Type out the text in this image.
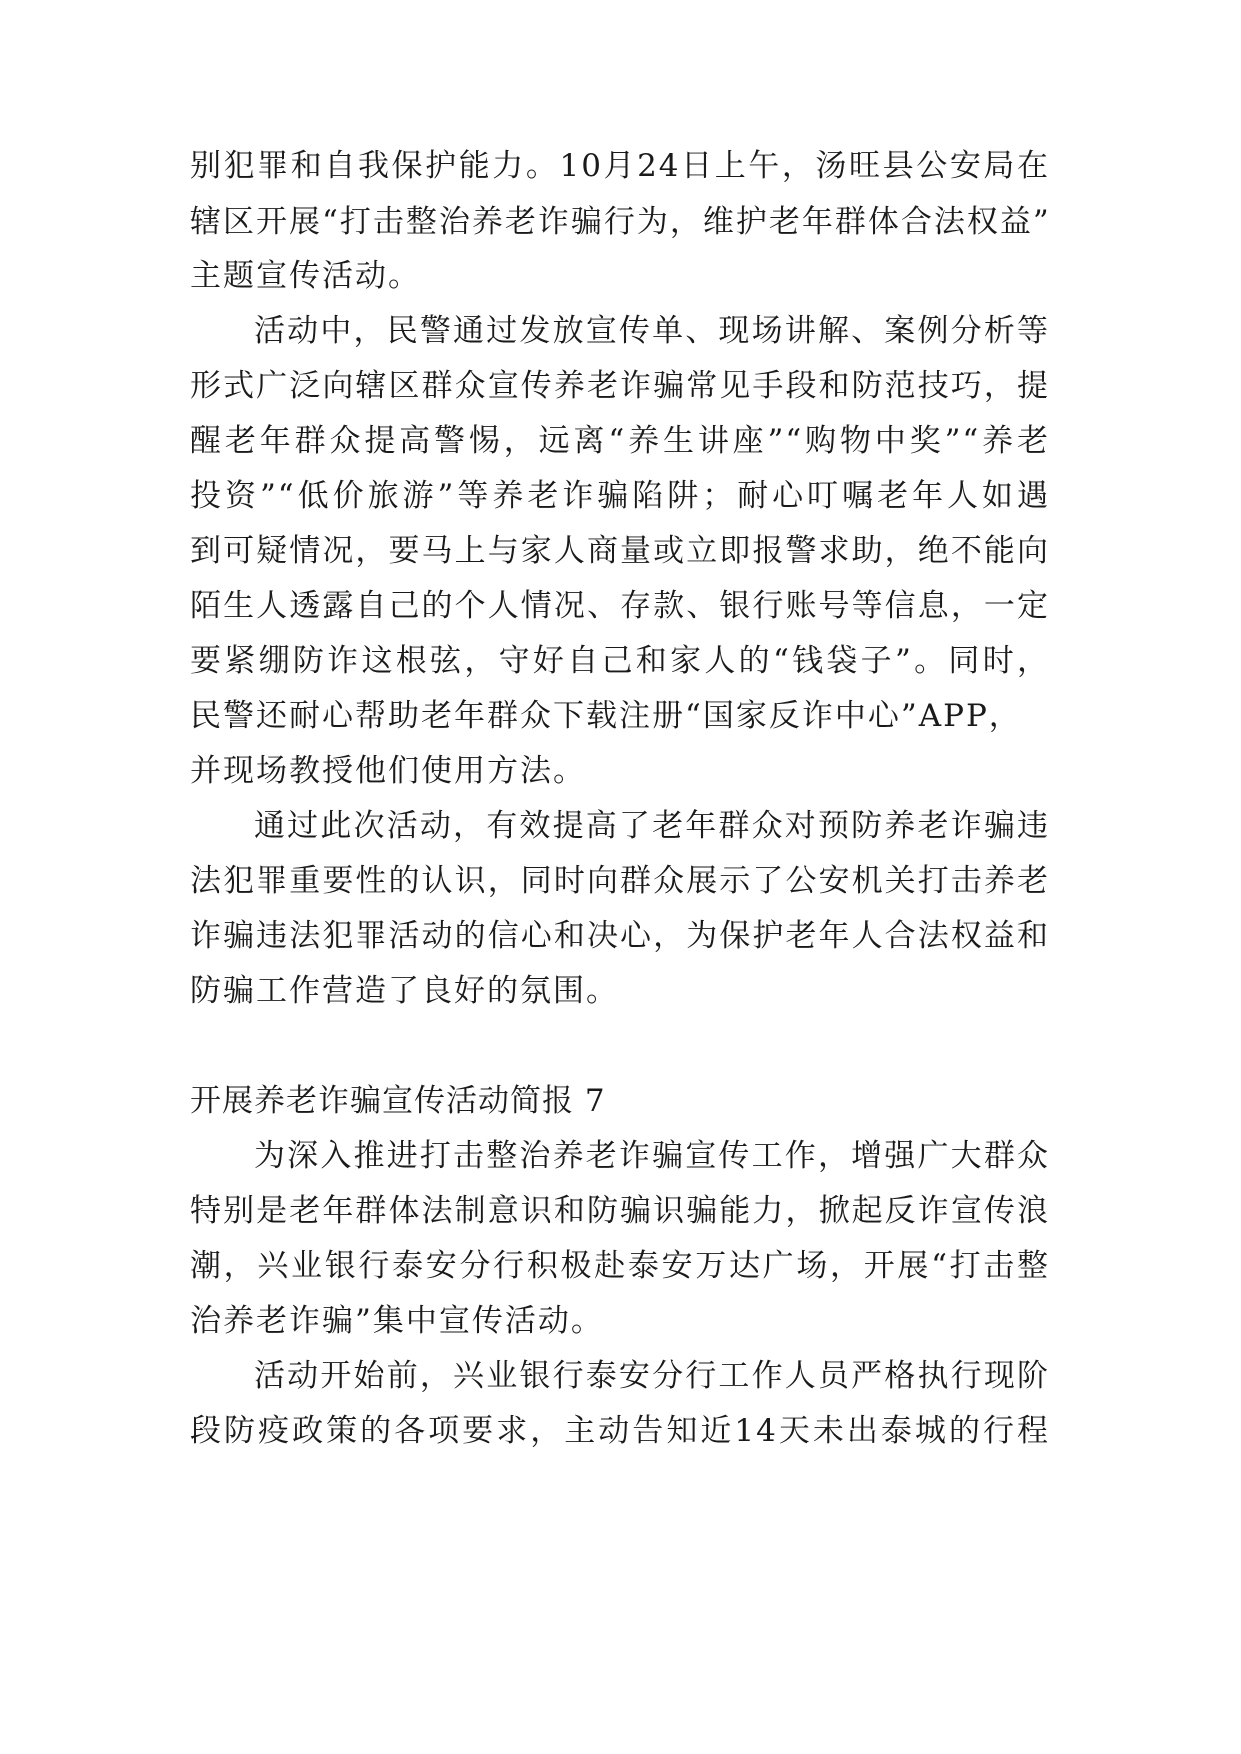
别犯罪和自我保护能力。10月24日上午，汤旺县公安局在
辖区开展“打击整治养老诈骗行为，维护老年群体合法权益”
主题宣传活动。
活动中，民警通过发放宣传单、现场讲解、案例分析等
形式广泛向辖区群众宣传养老诈骗常见手段和防范技巧，提
醒老年群众提高警惕，远离“养生讲座”“购物中奖”“养老
投资”“低价旅游”等养老诈骗陷阱；耐心叮嘱老年人如遇
到可疑情况，要马上与家人商量或立即报警求助，绝不能向
陌生人透露自己的个人情况、存款、银行账号等信息，一定
要紧绷防诈这根弦，守好自己和家人的“钱袋子”。同时，
民警还耐心帮助老年群众下载注册“国家反诈中心”APP，
并现场教授他们使用方法。
通过此次活动，有效提高了老年群众对预防养老诈骗违
法犯罪重要性的认识，同时向群众展示了公安机关打击养老
诈骗违法犯罪活动的信心和决心，为保护老年人合法权益和
防骗工作营造了良好的氛围。
开展养老诈骗宣传活动简报 7
为深入推进打击整治养老诈骗宣传工作，增强广大群众
特别是老年群体法制意识和防骗识骗能力，掀起反诈宣传浪
潮，兴业银行泰安分行积极赴泰安万达广场，开展“打击整
治养老诈骗”集中宣传活动。
活动开始前，兴业银行泰安分行工作人员严格执行现阶
段防疫政策的各项要求，主动告知近14天未出泰城的行程
